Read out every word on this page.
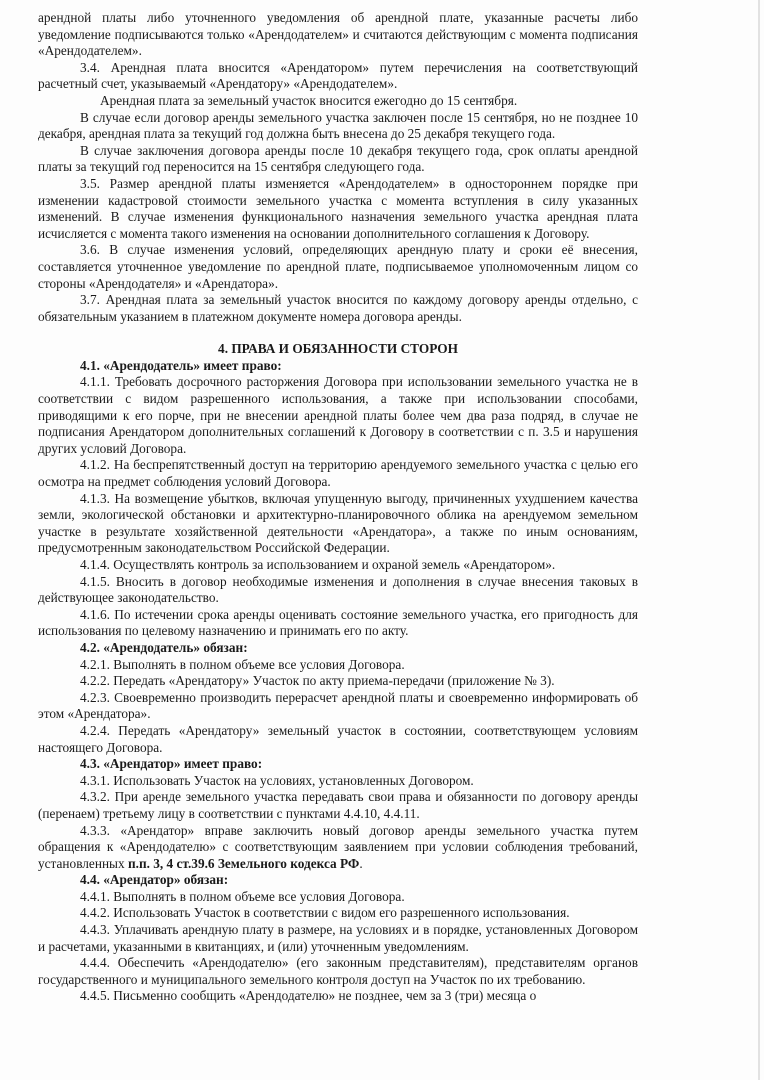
арендной платы либо уточненного уведомления об арендной плате, указанные расчеты либо уведомление подписываются только «Арендодателем» и считаются действующим с момента подписания «Арендодателем».

3.4. Арендная плата вносится «Арендатором» путем перечисления на соответствующий расчетный счет, указываемый «Арендатору» «Арендодателем».

Арендная плата за земельный участок вносится ежегодно до 15 сентября.

В случае если договор аренды земельного участка заключен после 15 сентября, но не позднее 10 декабря, арендная плата за текущий год должна быть внесена до 25 декабря текущего года.

В случае заключения договора аренды после 10 декабря текущего года, срок оплаты арендной платы за текущий год переносится на 15 сентября следующего года.

3.5. Размер арендной платы изменяется «Арендодателем» в одностороннем порядке при изменении кадастровой стоимости земельного участка с момента вступления в силу указанных изменений. В случае изменения функционального назначения земельного участка арендная плата исчисляется с момента такого изменения на основании дополнительного соглашения к Договору.

3.6. В случае изменения условий, определяющих арендную плату и сроки её внесения, составляется уточненное уведомление по арендной плате, подписываемое уполномоченным лицом со стороны «Арендодателя» и «Арендатора».

3.7. Арендная плата за земельный участок вносится по каждому договору аренды отдельно, с обязательным указанием в платежном документе номера договора аренды.

4. ПРАВА И ОБЯЗАННОСТИ СТОРОН

4.1. «Арендодатель» имеет право:

4.1.1. Требовать досрочного расторжения Договора при использовании земельного участка не в соответствии с видом разрешенного использования, а также при использовании способами, приводящими к его порче, при не внесении арендной платы более чем два раза подряд, в случае не подписания Арендатором дополнительных соглашений к Договору в соответствии с п. 3.5 и нарушения других условий Договора.

4.1.2. На беспрепятственный доступ на территорию арендуемого земельного участка с целью его осмотра на предмет соблюдения условий Договора.

4.1.3. На возмещение убытков, включая упущенную выгоду, причиненных ухудшением качества земли, экологической обстановки и архитектурно-планировочного облика на арендуемом земельном участке в результате хозяйственной деятельности «Арендатора», а также по иным основаниям, предусмотренным законодательством Российской Федерации.

4.1.4. Осуществлять контроль за использованием и охраной земель «Арендатором».

4.1.5. Вносить в договор необходимые изменения и дополнения в случае внесения таковых в действующее законодательство.

4.1.6. По истечении срока аренды оценивать состояние земельного участка, его пригодность для использования по целевому назначению и принимать его по акту.

4.2. «Арендодатель» обязан:

4.2.1. Выполнять в полном объеме все условия Договора.

4.2.2. Передать «Арендатору» Участок по акту приема-передачи (приложение № 3).

4.2.3. Своевременно производить перерасчет арендной платы и своевременно информировать об этом «Арендатора».

4.2.4. Передать «Арендатору» земельный участок в состоянии, соответствующем условиям настоящего Договора.

4.3. «Арендатор» имеет право:

4.3.1. Использовать Участок на условиях, установленных Договором.

4.3.2. При аренде земельного участка передавать свои права и обязанности по договору аренды (перенаем) третьему лицу в соответствии с пунктами 4.4.10, 4.4.11.

4.3.3. «Арендатор» вправе заключить новый договор аренды земельного участка путем обращения к «Арендодателю» с соответствующим заявлением при условии соблюдения требований, установленных п.п. 3, 4 ст.39.6 Земельного кодекса РФ.

4.4. «Арендатор» обязан:

4.4.1. Выполнять в полном объеме все условия Договора.

4.4.2. Использовать Участок в соответствии с видом его разрешенного использования.

4.4.3. Уплачивать арендную плату в размере, на условиях и в порядке, установленных Договором и расчетами, указанными в квитанциях, и (или) уточненным уведомлениям.

4.4.4. Обеспечить «Арендодателю» (его законным представителям), представителям органов государственного и муниципального земельного контроля доступ на Участок по их требованию.

4.4.5. Письменно сообщить «Арендодателю» не позднее, чем за 3 (три) месяца о
